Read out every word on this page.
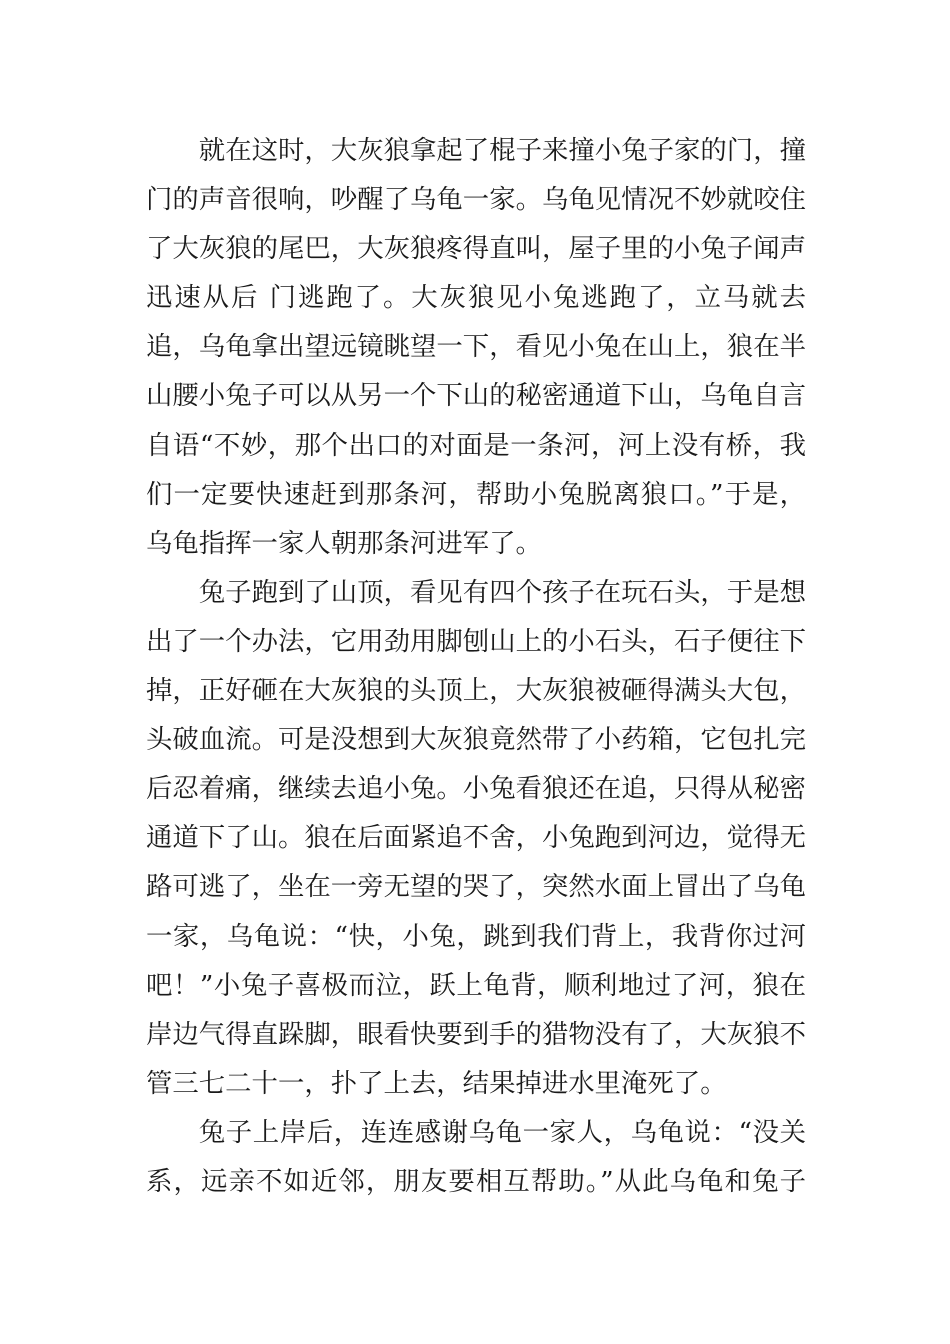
就在这时，大灰狼拿起了棍子来撞小兔子家的门，撞门的声音很响，吵醒了乌龟一家。乌龟见情况不妙就咬住了大灰狼的尾巴，大灰狼疼得直叫，屋子里的小兔子闻声迅速从后 门逃跑了。大灰狼见小兔逃跑了，立马就去追，乌龟拿出望远镜眺望一下，看见小兔在山上，狼在半山腰小兔子可以从另一个下山的秘密通道下山，乌龟自言自语“不妙，那个出口的对面是一条河，河上没有桥，我们一定要快速赶到那条河，帮助小兔脱离狼口。”于是，乌龟指挥一家人朝那条河进军了。

兔子跑到了山顶，看见有四个孩子在玩石头，于是想出了一个办法，它用劲用脚刨山上的小石头，石子便往下掉，正好砸在大灰狼的头顶上，大灰狼被砸得满头大包，头破血流。可是没想到大灰狼竟然带了小药箱，它包扎完后忍着痛，继续去追小兔。小兔看狼还在追，只得从秘密通道下了山。狼在后面紧追不舍，小兔跑到河边，觉得无路可逃了，坐在一旁无望的哭了，突然水面上冒出了乌龟一家，乌龟说：“快，小兔，跳到我们背上，我背你过河吧！”小兔子喜极而泣，跃上龟背，顺利地过了河，狼在岸边气得直跺脚，眼看快要到手的猎物没有了，大灰狼不管三七二十一，扑了上去，结果掉进水里淹死了。

兔子上岸后，连连感谢乌龟一家人，乌龟说：“没关系，远亲不如近邻，朋友要相互帮助。”从此乌龟和兔子
